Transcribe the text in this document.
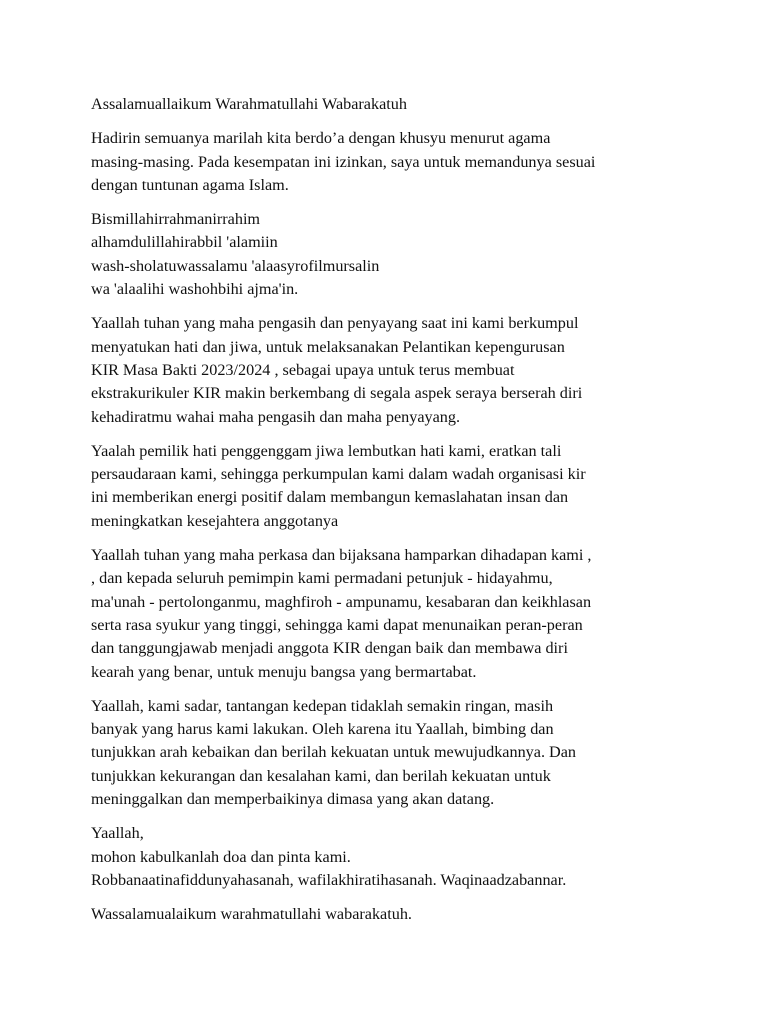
Assalamuallaikum Warahmatullahi Wabarakatuh
Hadirin semuanya marilah kita berdo’a dengan khusyu menurut agama
masing-masing. Pada kesempatan ini izinkan, saya untuk memandunya sesuai
dengan tuntunan agama Islam.
Bismillahirrahmanirrahim
alhamdulillahirabbil 'alamiin
wash-sholatuwassalamu 'alaasyrofilmursalin
wa 'alaalihi washohbihi ajma'in.
Yaallah tuhan yang maha pengasih dan penyayang saat ini kami berkumpul
menyatukan hati dan jiwa, untuk melaksanakan Pelantikan kepengurusan
KIR Masa Bakti 2023/2024 , sebagai upaya untuk terus membuat
ekstrakurikuler KIR makin berkembang di segala aspek seraya berserah diri
kehadiratmu wahai maha pengasih dan maha penyayang.
Yaalah pemilik hati penggenggam jiwa lembutkan hati kami, eratkan tali
persaudaraan kami, sehingga perkumpulan kami dalam wadah organisasi kir
ini memberikan energi positif dalam membangun kemaslahatan insan dan
meningkatkan kesejahtera anggotanya
Yaallah tuhan yang maha perkasa dan bijaksana hamparkan dihadapan kami ,
, dan kepada seluruh pemimpin kami permadani petunjuk - hidayahmu,
ma'unah - pertolonganmu, maghfiroh - ampunamu, kesabaran dan keikhlasan
serta rasa syukur yang tinggi, sehingga kami dapat menunaikan peran-peran
dan tanggungjawab menjadi anggota KIR dengan baik dan membawa diri
kearah yang benar, untuk menuju bangsa yang bermartabat.
Yaallah, kami sadar, tantangan kedepan tidaklah semakin ringan, masih
banyak yang harus kami lakukan. Oleh karena itu Yaallah, bimbing dan
tunjukkan arah kebaikan dan berilah kekuatan untuk mewujudkannya. Dan
tunjukkan kekurangan dan kesalahan kami, dan berilah kekuatan untuk
meninggalkan dan memperbaikinya dimasa yang akan datang.
Yaallah,
mohon kabulkanlah doa dan pinta kami.
Robbanaatinafiddunyahasanah, wafilakhiratihasanah. Waqinaadzabannar.
Wassalamualaikum warahmatullahi wabarakatuh.
